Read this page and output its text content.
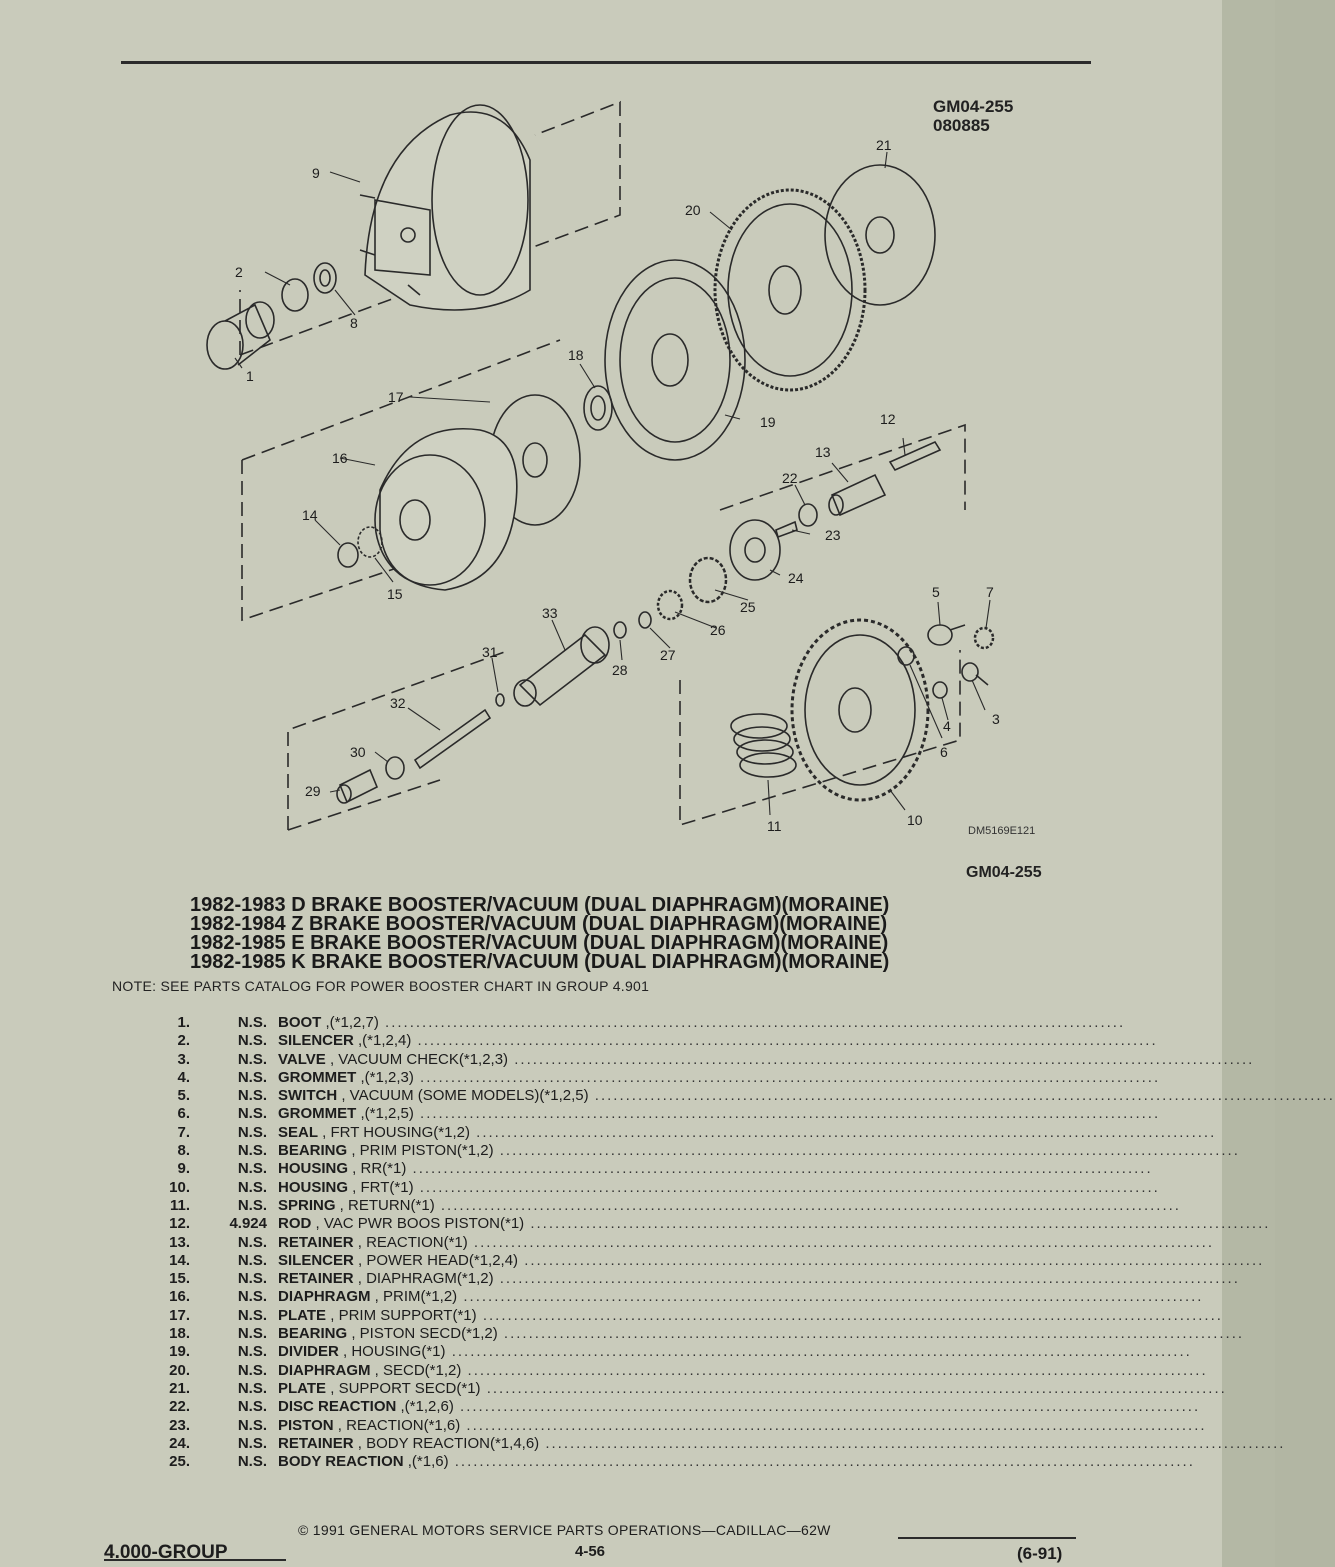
GM04-255
080885
9
2
1
8
20
21
18
17
16
19
14
15
12
13
22
23
24
25
26
27
28
33
31
32
30
29
11	10
5	7
3
4
6
DM5169E121
GM04-255
1982-1983 D BRAKE BOOSTER/VACUUM (DUAL DIAPHRAGM)(MORAINE)
1982-1984 Z BRAKE BOOSTER/VACUUM (DUAL DIAPHRAGM)(MORAINE)
1982-1985 E BRAKE BOOSTER/VACUUM (DUAL DIAPHRAGM)(MORAINE)
1982-1985 K BRAKE BOOSTER/VACUUM (DUAL DIAPHRAGM)(MORAINE)
NOTE: SEE PARTS CATALOG FOR POWER BOOSTER CHART IN GROUP 4.901
1.	N.S. BOOT ,(*1,2,7) ........................................................................................................................
2.	N.S. SILENCER ,(*1,2,4) ........................................................................................................................
3.	N.S. VALVE , VACUUM CHECK(*1,2,3) ........................................................................................................................
4.	N.S. GROMMET ,(*1,2,3) ........................................................................................................................
5.	N.S. SWITCH , VACUUM (SOME MODELS)(*1,2,5) ........................................................................................................................
6.	N.S. GROMMET ,(*1,2,5) ........................................................................................................................
7.	N.S. SEAL , FRT HOUSING(*1,2) ........................................................................................................................
8.	N.S. BEARING , PRIM PISTON(*1,2) ........................................................................................................................
9.	N.S. HOUSING , RR(*1) ........................................................................................................................
10.	N.S. HOUSING , FRT(*1) ........................................................................................................................
11.	N.S. SPRING , RETURN(*1) ........................................................................................................................
12.	4.924 ROD , VAC PWR BOOS PISTON(*1) ........................................................................................................................
13.	N.S. RETAINER , REACTION(*1) ........................................................................................................................
14.	N.S. SILENCER , POWER HEAD(*1,2,4) ........................................................................................................................
15.	N.S. RETAINER , DIAPHRAGM(*1,2) ........................................................................................................................
16.	N.S. DIAPHRAGM , PRIM(*1,2) ........................................................................................................................
17.	N.S. PLATE , PRIM SUPPORT(*1) ........................................................................................................................
18.	N.S. BEARING , PISTON SECD(*1,2) ........................................................................................................................
19.	N.S. DIVIDER , HOUSING(*1) ........................................................................................................................
20.	N.S. DIAPHRAGM , SECD(*1,2) ........................................................................................................................
21.	N.S. PLATE , SUPPORT SECD(*1) ........................................................................................................................
22.	N.S. DISC REACTION ,(*1,2,6) ........................................................................................................................
23.	N.S. PISTON , REACTION(*1,6) ........................................................................................................................
24.	N.S. RETAINER , BODY REACTION(*1,4,6) ........................................................................................................................
25.	N.S. BODY REACTION ,(*1,6) ........................................................................................................................
© 1991 GENERAL MOTORS SERVICE PARTS OPERATIONS—CADILLAC—62W
4.000-GROUP	4-56	(6-91)
